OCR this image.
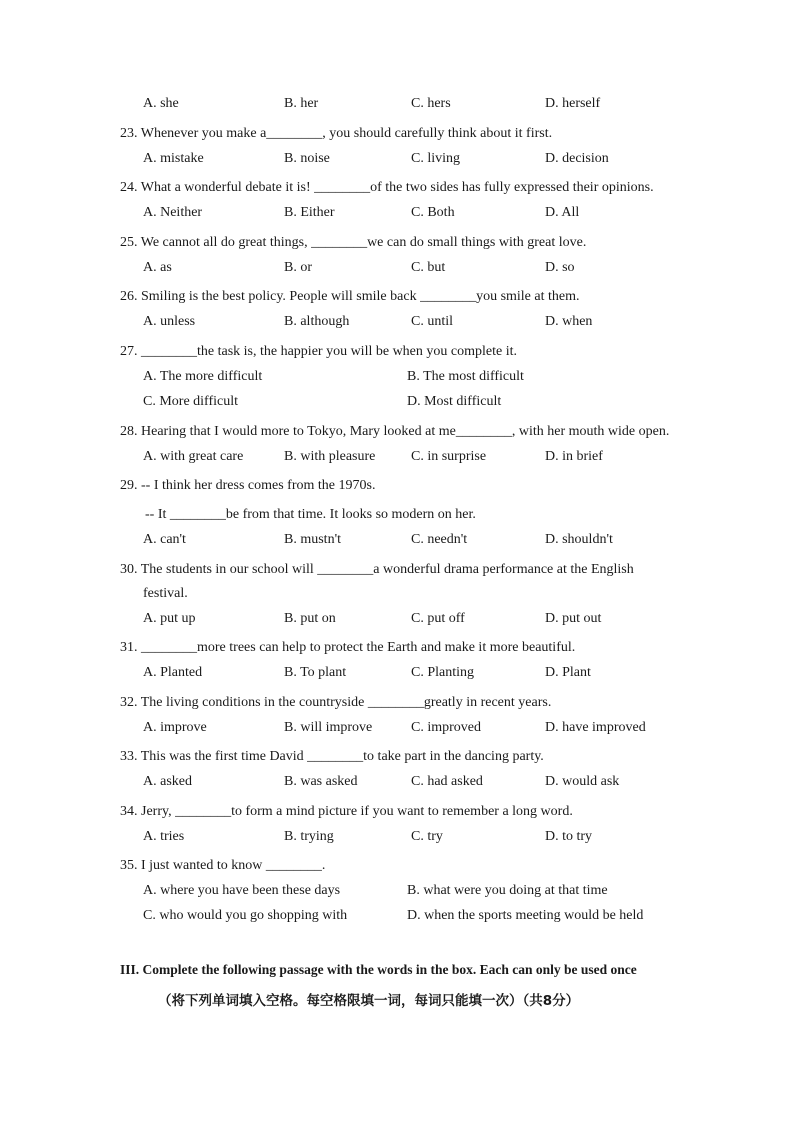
A. she	B. her	C. hers	D. herself
23. Whenever you make a________, you should carefully think about it first.
A. mistake	B. noise	C. living	D. decision
24. What a wonderful debate it is! ________of the two sides has fully expressed their opinions.
A. Neither	B. Either	C. Both	D. All
25. We cannot all do great things, ________we can do small things with great love.
A. as	B. or	C. but	D. so
26. Smiling is the best policy. People will smile back ________you smile at them.
A. unless	B. although	C. until	D. when
27. ________the task is, the happier you will be when you complete it.
A. The more difficult	B. The most difficult
C. More difficult	D. Most difficult
28. Hearing that I would more to Tokyo, Mary looked at me________, with her mouth wide open.
A. with great care	B. with pleasure	C. in surprise	D. in brief
29. -- I think her dress comes from the 1970s.
-- It ________be from that time. It looks so modern on her.
A. can't	B. mustn't	C. needn't	D. shouldn't
30. The students in our school will ________a wonderful drama performance at the English
festival.
A. put up	B. put on	C. put off	D. put out
31. ________more trees can help to protect the Earth and make it more beautiful.
A. Planted	B. To plant	C. Planting	D. Plant
32. The living conditions in the countryside ________greatly in recent years.
A. improve	B. will improve	C. improved	D. have improved
33. This was the first time David ________to take part in the dancing party.
A. asked	B. was asked	C. had asked	D. would ask
34. Jerry, ________to form a mind picture if you want to remember a long word.
A. tries	B. trying	C. try	D. to try
35. I just wanted to know ________.
A. where you have been these days	B. what were you doing at that time
C. who would you go shopping with	D. when the sports meeting would be held
III. Complete the following passage with the words in the box. Each can only be used once
（将下列单词填入空格。每空格限填一词，每词只能填一次）（共8分）
